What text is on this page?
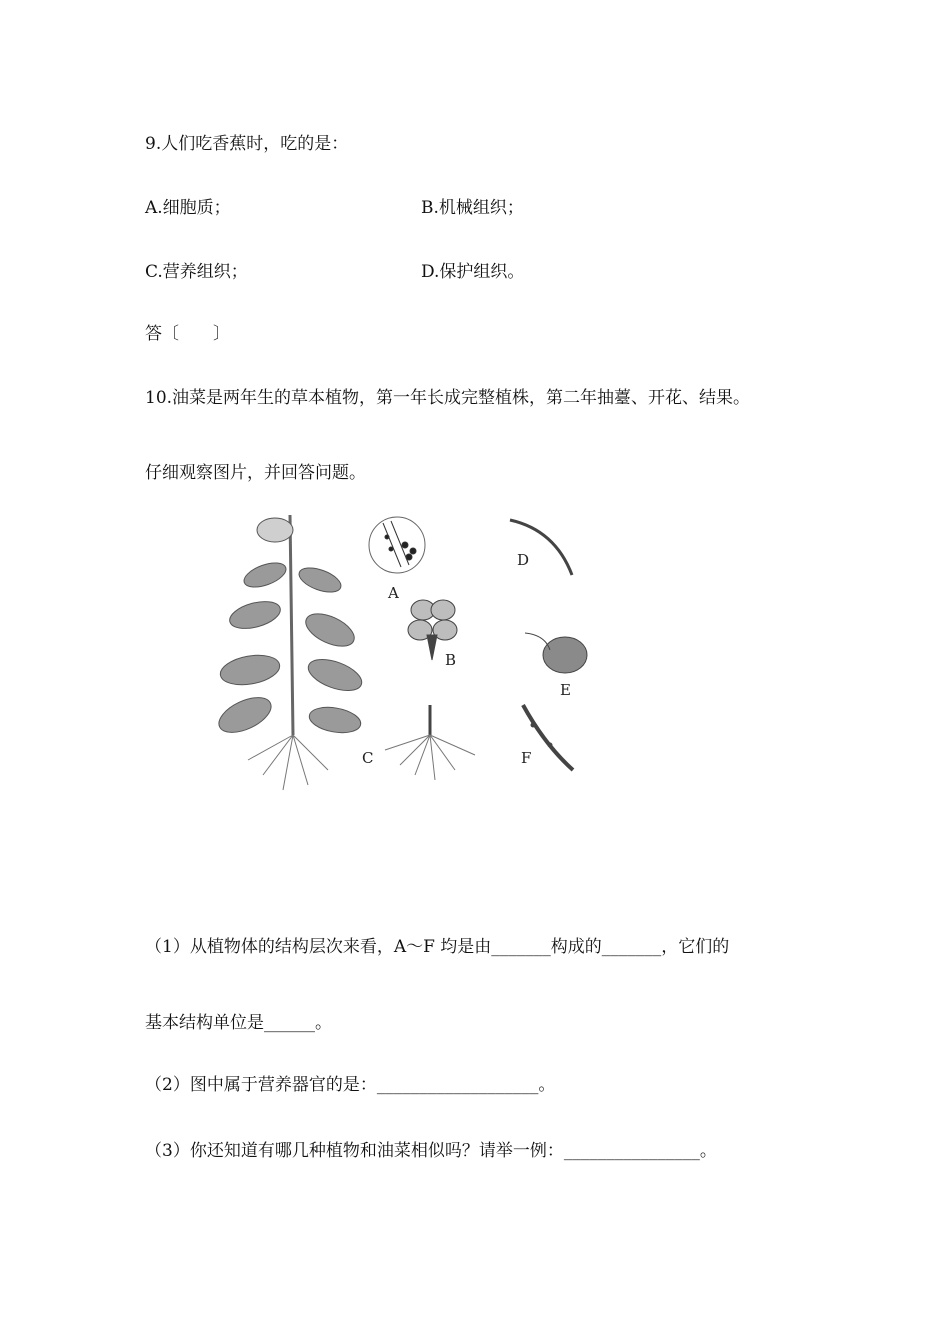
9.人们吃香蕉时，吃的是：
A.细胞质；	B.机械组织；
C.营养组织；	D.保护组织。
答〔　　〕
10.油菜是两年生的草本植物，第一年长成完整植株，第二年抽薹、开花、结果。
仔细观察图片，并回答问题。
A
B
C
D
E
F
（1）从植物体的结构层次来看，A～F 均是由_______构成的_______，它们的
基本结构单位是______。
（2）图中属于营养器官的是：___________________。
（3）你还知道有哪几种植物和油菜相似吗？请举一例：________________。
